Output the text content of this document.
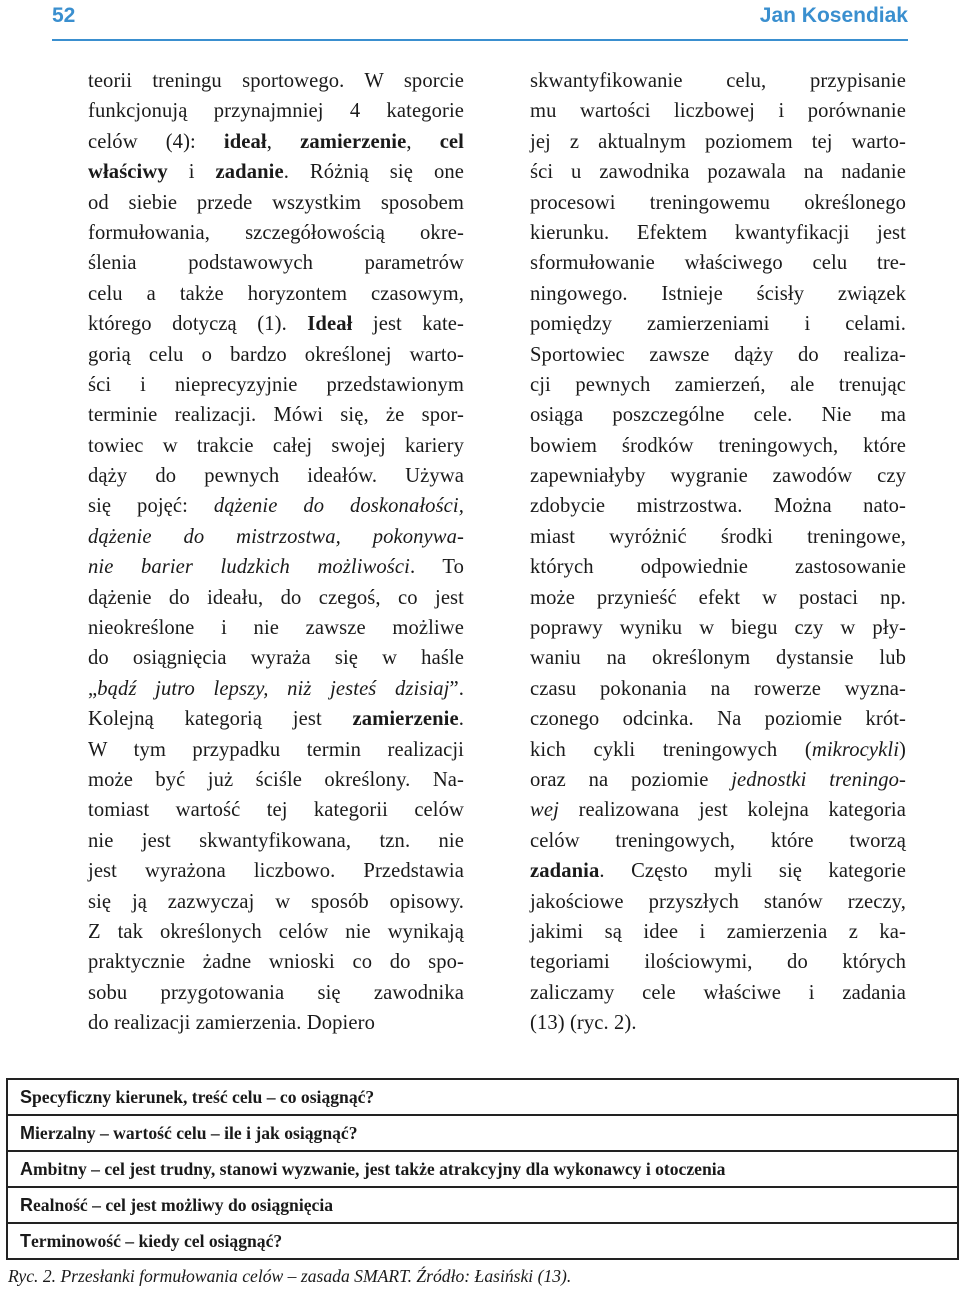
52	Jan Kosendiak
teorii treningu sportowego. W sporcie
funkcjonują przynajmniej 4 kategorie
celów (4): ideał, zamierzenie, cel
właściwy i zadanie. Różnią się one
od siebie przede wszystkim sposobem
formułowania, szczegółowością okre-
ślenia podstawowych parametrów
celu a także horyzontem czasowym,
którego dotyczą (1). Ideał jest kate-
gorią celu o bardzo określonej warto-
ści i nieprecyzyjnie przedstawionym
terminie realizacji. Mówi się, że spor-
towiec w trakcie całej swojej kariery
dąży do pewnych ideałów. Używa
się pojęć: dążenie do doskonałości,
dążenie do mistrzostwa, pokonywa-
nie barier ludzkich możliwości. To
dążenie do ideału, do czegoś, co jest
nieokreślone i nie zawsze możliwe
do osiągnięcia wyraża się w haśle
„bądź jutro lepszy, niż jesteś dzisiaj”.
Kolejną kategorią jest zamierzenie.
W tym przypadku termin realizacji
może być już ściśle określony. Na-
tomiast wartość tej kategorii celów
nie jest skwantyfikowana, tzn. nie
jest wyrażona liczbowo. Przedstawia
się ją zazwyczaj w sposób opisowy.
Z tak określonych celów nie wynikają
praktycznie żadne wnioski co do spo-
sobu przygotowania się zawodnika
do realizacji zamierzenia. Dopiero
skwantyfikowanie celu, przypisanie
mu wartości liczbowej i porównanie
jej z aktualnym poziomem tej warto-
ści u zawodnika pozawala na nadanie
procesowi treningowemu określonego
kierunku. Efektem kwantyfikacji jest
sformułowanie właściwego celu tre-
ningowego. Istnieje ścisły związek
pomiędzy zamierzeniami i celami.
Sportowiec zawsze dąży do realiza-
cji pewnych zamierzeń, ale trenując
osiąga poszczególne cele. Nie ma
bowiem środków treningowych, które
zapewniałyby wygranie zawodów czy
zdobycie mistrzostwa. Można nato-
miast wyróżnić środki treningowe,
których odpowiednie zastosowanie
może przynieść efekt w postaci np.
poprawy wyniku w biegu czy w pły-
waniu na określonym dystansie lub
czasu pokonania na rowerze wyzna-
czonego odcinka. Na poziomie krót-
kich cykli treningowych (mikrocykli)
oraz na poziomie jednostki treningo-
wej realizowana jest kolejna kategoria
celów treningowych, które tworzą
zadania. Często myli się kategorie
jakościowe przyszłych stanów rzeczy,
jakimi są idee i zamierzenia z ka-
tegoriami ilościowymi, do których
zaliczamy cele właściwe i zadania
(13) (ryc. 2).
Specyficzny kierunek, treść celu – co osiągnąć?
Mierzalny – wartość celu – ile i jak osiągnąć?
Ambitny – cel jest trudny, stanowi wyzwanie, jest także atrakcyjny dla wykonawcy i otoczenia
Realność – cel jest możliwy do osiągnięcia
Terminowość – kiedy cel osiągnąć?
Ryc. 2. Przesłanki formułowania celów – zasada SMART. Źródło: Łasiński (13).
